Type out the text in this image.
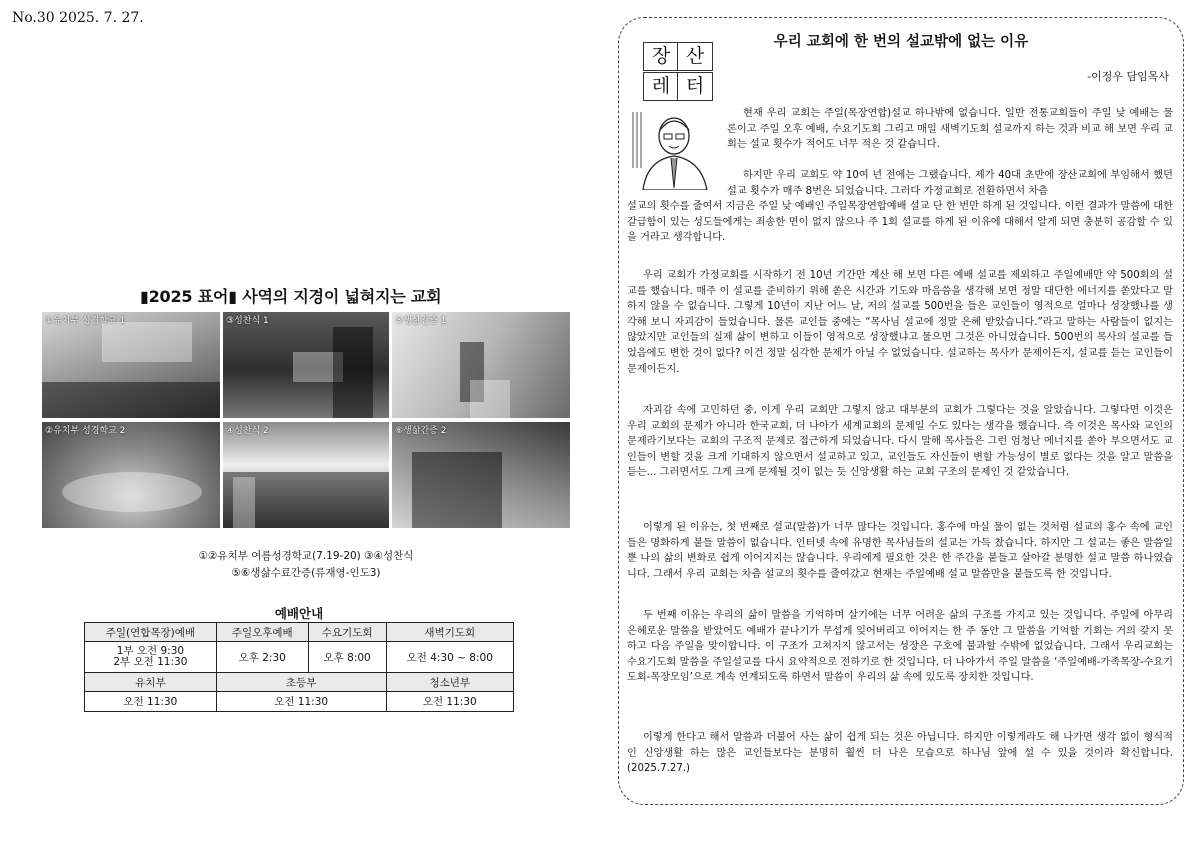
No.30 2025. 7. 27.
▮2025 표어▮ 사역의 지경이 넓혀지는 교회
①유치부 성경학교 1	③성찬식 1	⑤생삶간증 1
②유치부 성경학교 2	④성찬식 2	⑥생삶간증 2
①②유치부 여름성경학교(7.19-20) ③④성찬식
⑤⑥생삶수료간증(류재영-인도3)
예배안내
주일(연합목장)예배	주일오후예배	수요기도회	새벽기도회

1부 오전 9:30
2부 오전 11:30	오후 2:30	오후 8:00	오전 4:30 ~ 8:00
유치부	초등부		청소년부
오전 11:30	오전 11:30		오전 11:30
장 산
레 터
우리 교회에 한 번의 설교밖에 없는 이유
-이정우 담임목사
현재 우리 교회는 주일(목장연합)설교 하나밖에 없습니다. 일반 전통교회들이 주일 낮 예배는 물론이고 주일 오후 예배, 수요기도회 그리고 매일 새벽기도회 설교까지 하는 것과 비교 해 보면 우리 교회는 설교 횟수가 적어도 너무 적은 것 같습니다.
하지만 우리 교회도 약 10여 년 전에는 그랬습니다. 제가 40대 초반에 장산교회에 부임해서 했던 설교 횟수가 매주 8번은 되었습니다. 그러다 가정교회로 전환하면서 차츰
설교의 횟수를 줄여서 지금은 주일 낮 예배인 주일목장연합예배 설교 단 한 번만 하게 된 것입니다. 이런 결과가 말씀에 대한 갈급함이 있는 성도들에게는 죄송한 면이 없지 않으나 주 1회 설교를 하게 된 이유에 대해서 알게 되면 충분히 공감할 수 있을 거라고 생각합니다.
우리 교회가 가정교회를 시작하기 전 10년 기간만 계산 해 보면 다른 예배 설교를 제외하고 주일예배만 약 500회의 설교를 했습니다. 매주 이 설교를 준비하기 위해 쏟은 시간과 기도와 마음씀을 생각해 보면 정말 대단한 에너지를 쏟았다고 말하지 않을 수 없습니다. 그렇게 10년이 지난 어느 날, 저의 설교를 500번을 들은 교인들이 영적으로 얼마나 성장했나를 생각해 보니 자괴감이 들었습니다. 물론 교인들 중에는 “목사님 설교에 정말 은혜 받았습니다.”라고 말하는 사람들이 없지는 않았지만 교인들의 실제 삶이 변하고 이들이 영적으로 성장했냐고 물으면 그것은 아니었습니다. 500번의 목사의 설교를 들었음에도 변한 것이 없다? 이건 정말 심각한 문제가 아닐 수 없었습니다. 설교하는 목사가 문제이든지, 설교를 듣는 교인들이 문제이든지.
자괴감 속에 고민하던 중, 이게 우리 교회만 그렇지 않고 대부분의 교회가 그렇다는 것을 알았습니다. 그렇다면 이것은 우리 교회의 문제가 아니라 한국교회, 더 나아가 세계교회의 문제일 수도 있다는 생각을 했습니다. 즉 이것은 목사와 교인의 문제라기보다는 교회의 구조적 문제로 접근하게 되었습니다. 다시 말해 목사들은 그런 엄청난 에너지를 쏟아 부으면서도 교인들이 변할 것을 크게 기대하지 않으면서 설교하고 있고, 교인들도 자신들이 변할 가능성이 별로 없다는 것을 알고 말씀을 듣는... 그러면서도 그게 크게 문제될 것이 없는 듯 신앙생활 하는 교회 구조의 문제인 것 같았습니다.
이렇게 된 이유는, 첫 번째로 설교(말씀)가 너무 많다는 것입니다. 홍수에 마실 물이 없는 것처럼 설교의 홍수 속에 교인들은 명화하게 붙들 말씀이 없습니다. 인터넷 속에 유명한 목사님들의 설교는 가득 찼습니다. 하지만 그 설교는 좋은 말씀일 뿐 나의 삶의 변화로 쉽게 이어지지는 않습니다. 우리에게 필요한 것은 한 주간을 붙들고 살아갈 분명한 설교 말씀 하나였습니다. 그래서 우리 교회는 차츰 설교의 횟수를 줄여갔고 현재는 주일예배 설교 말씀만을 붙들도록 한 것입니다.
두 번째 이유는 우리의 삶이 말씀을 기억하며 살기에는 너무 어려운 삶의 구조를 가지고 있는 것입니다. 주일에 아무리 은혜로운 말씀을 받았어도 예배가 끝나기가 무섭게 잊어버리고 이어지는 한 주 동안 그 말씀을 기억할 기회는 거의 갖지 못하고 다음 주일을 맞이합니다. 이 구조가 고쳐지지 않고서는 성장은 구호에 불과할 수밖에 없었습니다. 그래서 우리교회는 수요기도회 말씀을 주일설교를 다시 요약적으로 전하기로 한 것입니다. 더 나아가서 주일 말씀을 ‘주일예배-가족목장-수요기도회-목장모임’으로 계속 연계되도록 하면서 말씀이 우리의 삶 속에 있도록 장치한 것입니다.
이렇게 한다고 해서 말씀과 더불어 사는 삶이 쉽게 되는 것은 아닙니다. 하지만 이렇게라도 해 나가면 생각 없이 형식적인 신앙생활 하는 많은 교인들보다는 분명히 훨씬 더 나은 모습으로 하나님 앞에 설 수 있을 것이라 확신합니다.(2025.7.27.)
